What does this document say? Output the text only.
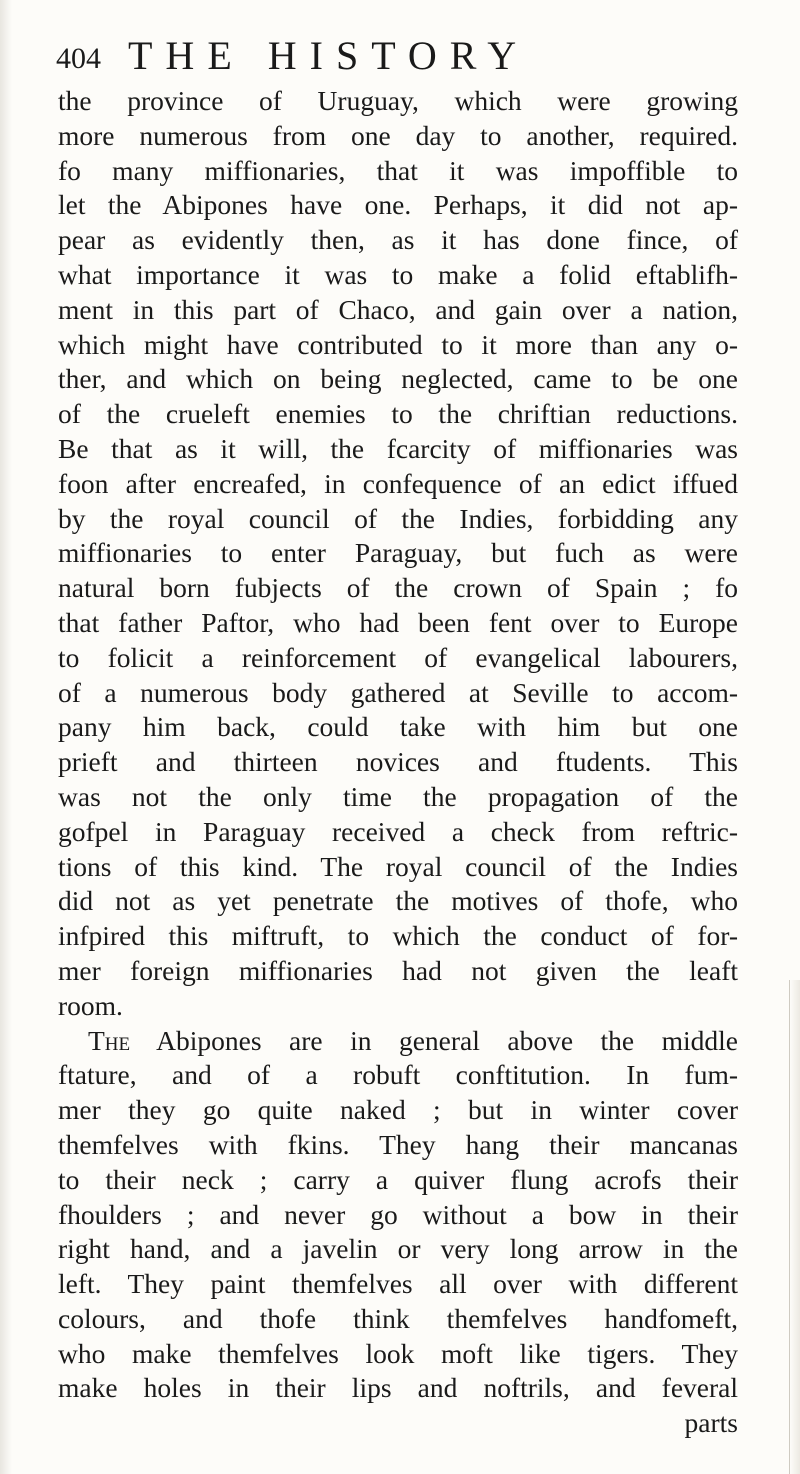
404 THE HISTORY
the province of Uruguay, which were growing
more numerous from one day to another, required.
fo many miffionaries, that it was impoffible to
let the Abipones have one. Perhaps, it did not ap-
pear as evidently then, as it has done fince, of
what importance it was to make a folid eftablifh-
ment in this part of Chaco, and gain over a nation,
which might have contributed to it more than any o-
ther, and which on being neglected, came to be one
of the crueleft enemies to the chriftian reductions.
Be that as it will, the fcarcity of miffionaries was
foon after encreafed, in confequence of an edict iffued
by the royal council of the Indies, forbidding any
miffionaries to enter Paraguay, but fuch as were
natural born fubjects of the crown of Spain ; fo
that father Paftor, who had been fent over to Europe
to folicit a reinforcement of evangelical labourers,
of a numerous body gathered at Seville to accom-
pany him back, could take with him but one
prieft and thirteen novices and ftudents. This
was not the only time the propagation of the
gofpel in Paraguay received a check from reftric-
tions of this kind. The royal council of the Indies
did not as yet penetrate the motives of thofe, who
infpired this miftruft, to which the conduct of for-
mer foreign miffionaries had not given the leaft
room.
The Abipones are in general above the middle
ftature, and of a robuft conftitution. In fum-
mer they go quite naked ; but in winter cover
themfelves with fkins. They hang their mancanas
to their neck ; carry a quiver flung acrofs their
fhoulders ; and never go without a bow in their
right hand, and a javelin or very long arrow in the
left. They paint themfelves all over with different
colours, and thofe think themfelves handfomeft,
who make themfelves look moft like tigers. They
make holes in their lips and noftrils, and feveral
parts
